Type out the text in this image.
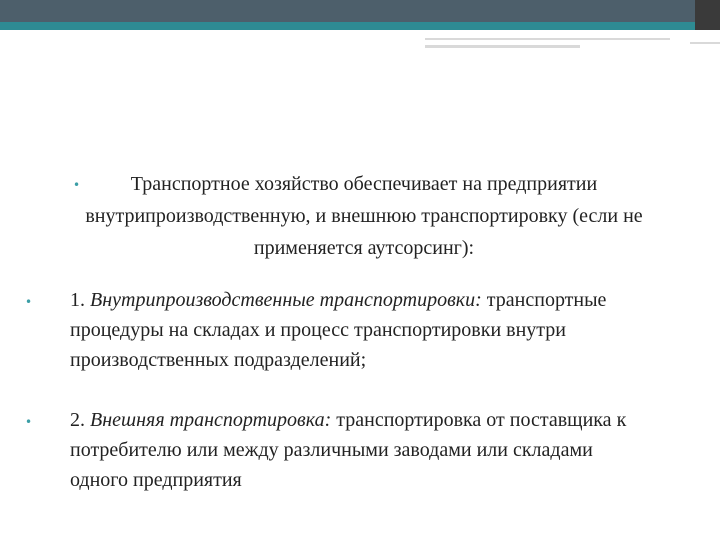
•	Транспортное хозяйство обеспечивает на предприятии внутрипроизводственную, и внешнюю транспортировку (если не применяется аутсорсинг):
• 1. Внутрипроизводственные транспортировки: транспортные процедуры на складах и процесс транспортировки внутри производственных подразделений;
• 2. Внешняя транспортировка: транспортировка от поставщика к потребителю или между различными заводами или складами одного предприятия
